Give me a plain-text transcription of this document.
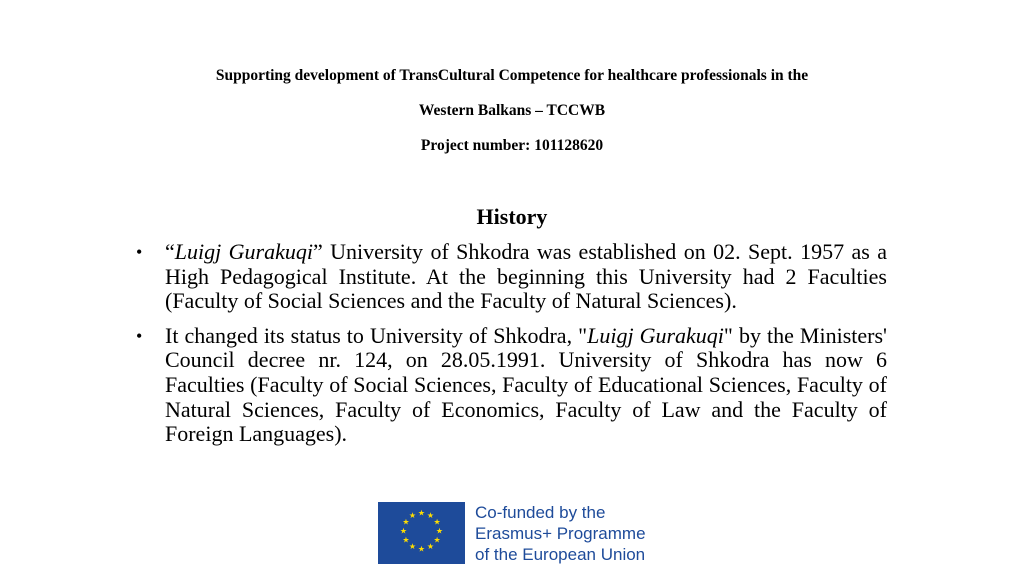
Supporting development of TransCultural Competence for healthcare professionals in the
Western Balkans – TCCWB
Project number: 101128620
History
• “Luigj Gurakuqi” University of Shkodra was established on 02. Sept. 1957 as a High Pedagogical Institute. At the beginning this University had 2 Faculties (Faculty of Social Sciences and the Faculty of Natural Sciences).
• It changed its status to University of Shkodra, "Luigj Gurakuqi" by the Ministers' Council decree nr. 124, on 28.05.1991. University of Shkodra has now 6 Faculties (Faculty of Social Sciences, Faculty of Educational Sciences, Faculty of Natural Sciences, Faculty of Economics, Faculty of Law and the Faculty of Foreign Languages).
★ ★
★
★
★
★
★
★
★
★
★
★	Co-funded by the
Erasmus+ Programme
of the European Union
